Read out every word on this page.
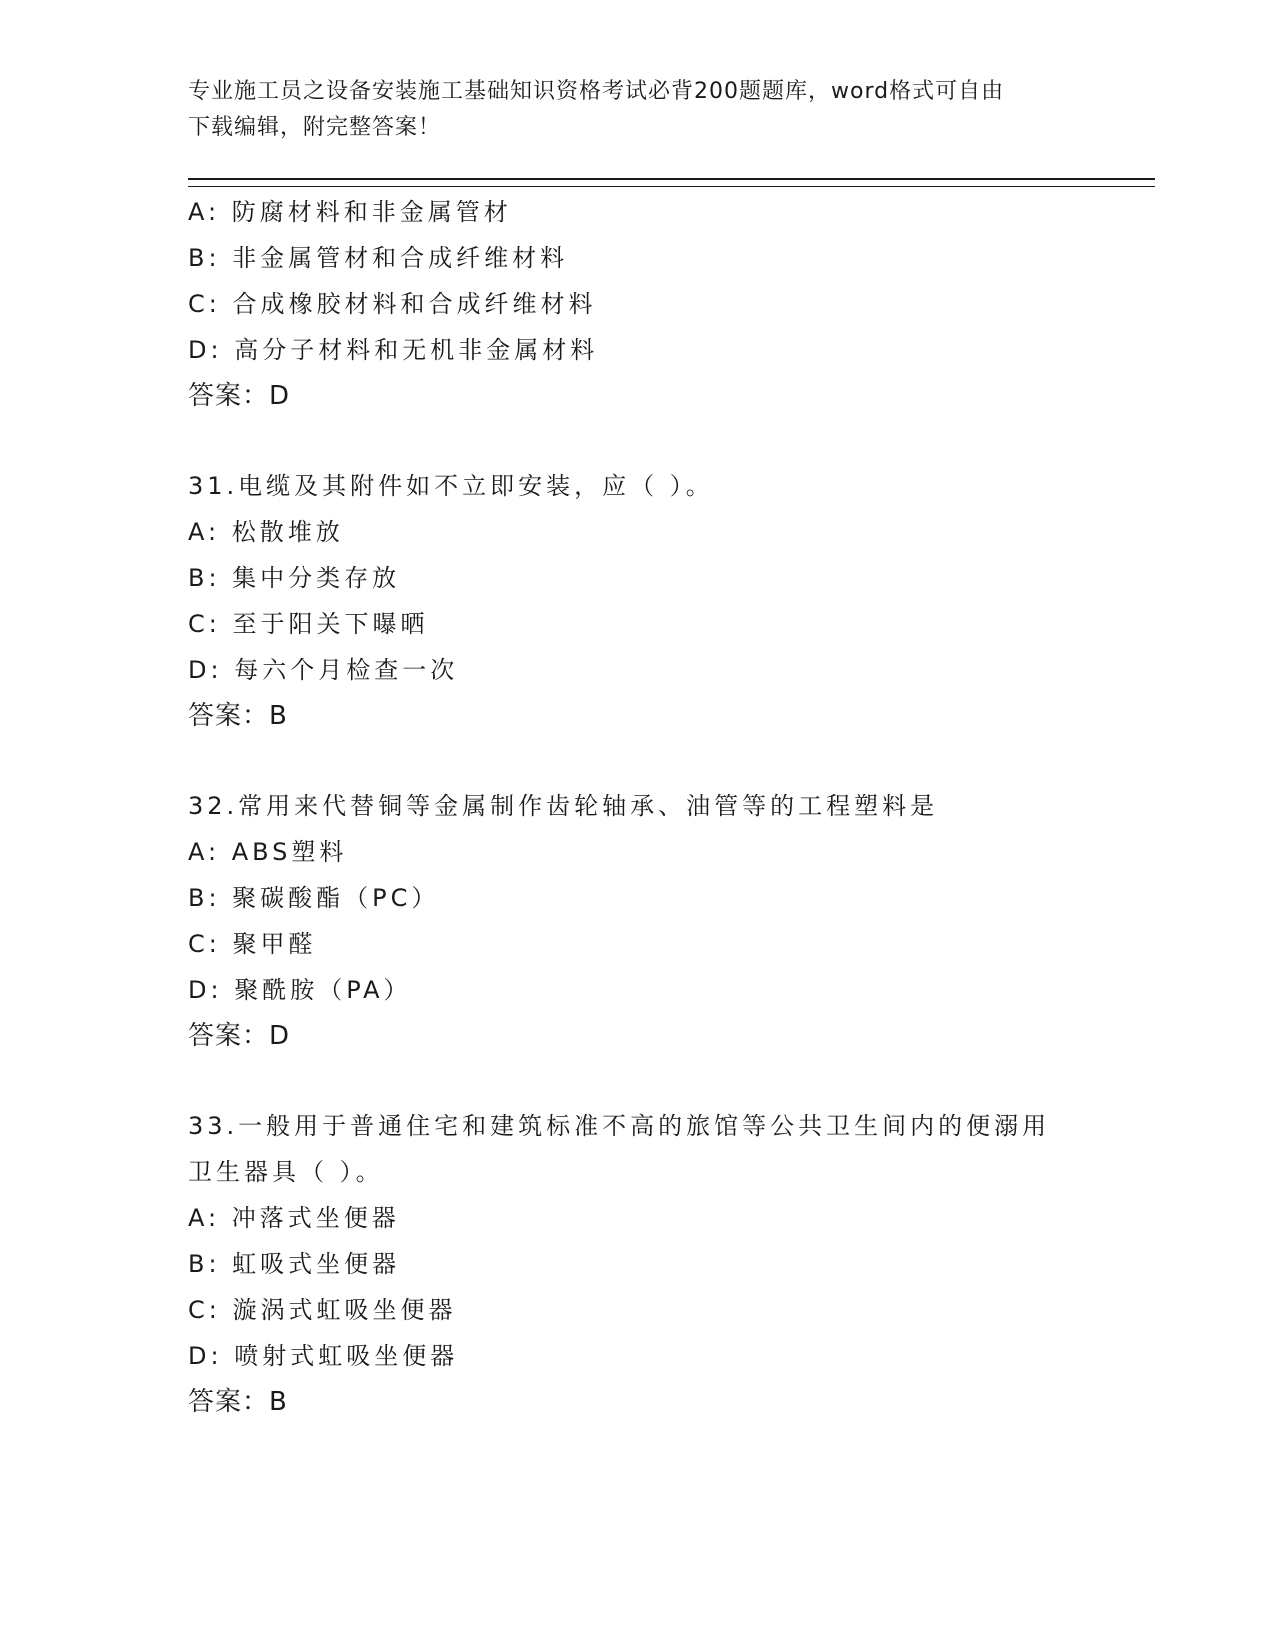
专业施工员之设备安装施工基础知识资格考试必背200题题库，word格式可自由
下载编辑，附完整答案！
A: 防腐材料和非金属管材
B: 非金属管材和合成纤维材料
C: 合成橡胶材料和合成纤维材料
D: 高分子材料和无机非金属材料
答案：D
31.电缆及其附件如不立即安装，应（ ）。
A: 松散堆放
B: 集中分类存放
C: 至于阳关下曝晒
D: 每六个月检查一次
答案：B
32.常用来代替铜等金属制作齿轮轴承、油管等的工程塑料是
A: ABS塑料
B: 聚碳酸酯（PC）
C: 聚甲醛
D: 聚酰胺（PA）
答案：D
33.一般用于普通住宅和建筑标准不高的旅馆等公共卫生间内的便溺用
卫生器具（ ）。
A: 冲落式坐便器
B: 虹吸式坐便器
C: 漩涡式虹吸坐便器
D: 喷射式虹吸坐便器
答案：B
